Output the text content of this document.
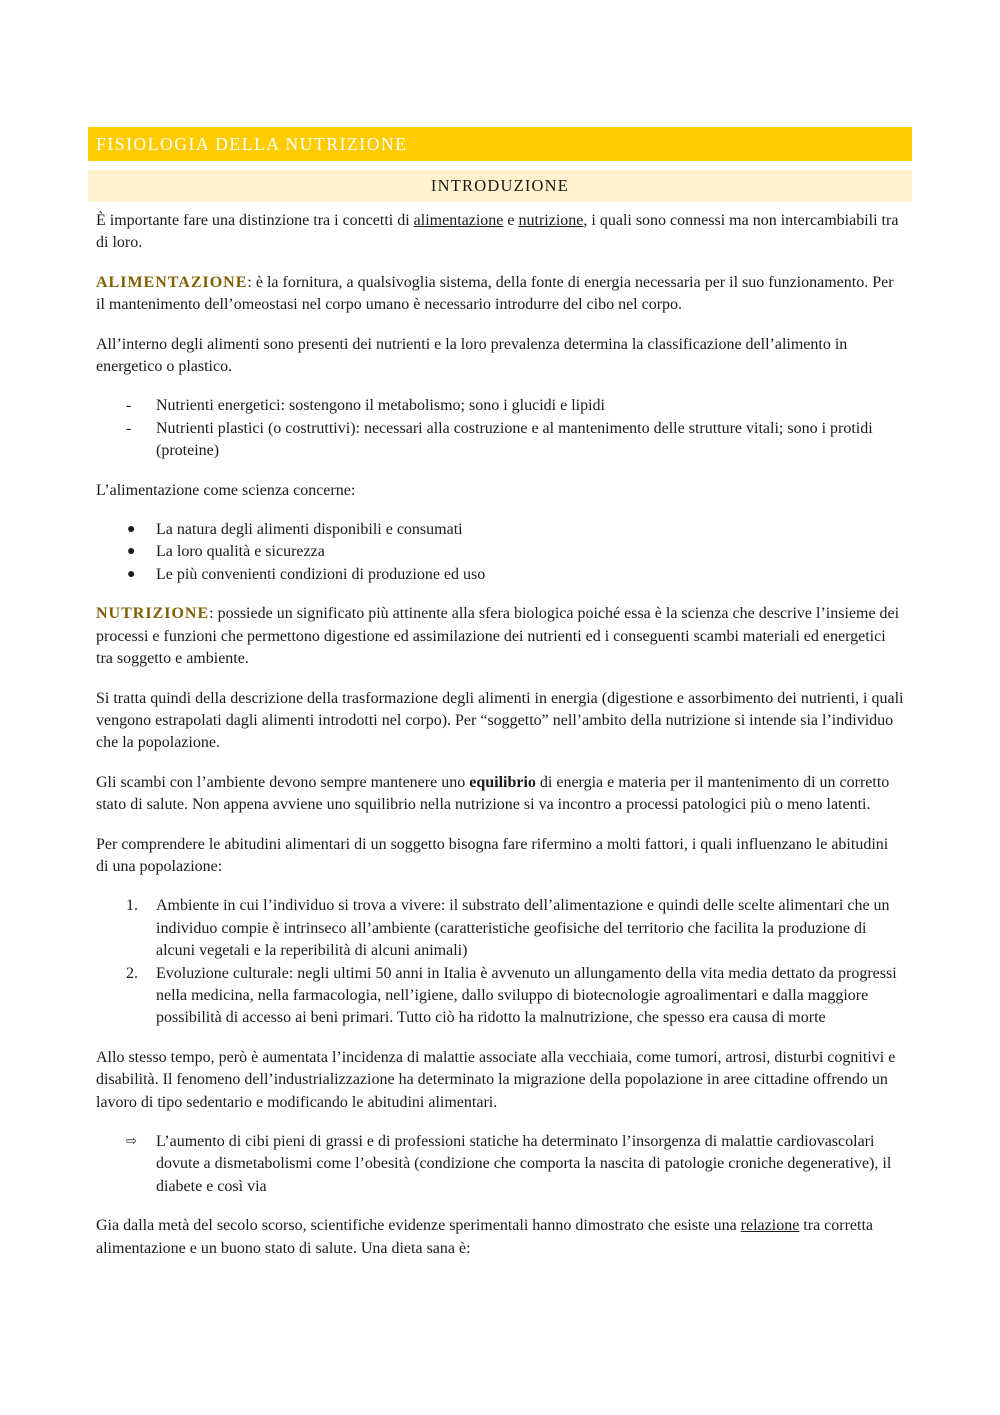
FISIOLOGIA DELLA NUTRIZIONE
INTRODUZIONE

È importante fare una distinzione tra i concetti di alimentazione e nutrizione, i quali sono connessi ma non intercambiabili tra di loro.

ALIMENTAZIONE: è la fornitura, a qualsivoglia sistema, della fonte di energia necessaria per il suo funzionamento. Per il mantenimento dell’omeostasi nel corpo umano è necessario introdurre del cibo nel corpo.

All’interno degli alimenti sono presenti dei nutrienti e la loro prevalenza determina la classificazione dell’alimento in energetico o plastico.

-	Nutrienti energetici: sostengono il metabolismo; sono i glucidi e lipidi
-	Nutrienti plastici (o costruttivi): necessari alla costruzione e al mantenimento delle strutture vitali; sono i protidi (proteine)

L’alimentazione come scienza concerne:

●	La natura degli alimenti disponibili e consumati
●	La loro qualità e sicurezza
●	Le più convenienti condizioni di produzione ed uso

NUTRIZIONE: possiede un significato più attinente alla sfera biologica poiché essa è la scienza che descrive l’insieme dei processi e funzioni che permettono digestione ed assimilazione dei nutrienti ed i conseguenti scambi materiali ed energetici tra soggetto e ambiente.

Si tratta quindi della descrizione della trasformazione degli alimenti in energia (digestione e assorbimento dei nutrienti, i quali vengono estrapolati dagli alimenti introdotti nel corpo). Per “soggetto” nell’ambito della nutrizione si intende sia l’individuo che la popolazione.

Gli scambi con l’ambiente devono sempre mantenere uno equilibrio di energia e materia per il mantenimento di un corretto stato di salute. Non appena avviene uno squilibrio nella nutrizione si va incontro a processi patologici più o meno latenti.

Per comprendere le abitudini alimentari di un soggetto bisogna fare rifermino a molti fattori, i quali influenzano le abitudini di una popolazione:

1.	Ambiente in cui l’individuo si trova a vivere: il substrato dell’alimentazione e quindi delle scelte alimentari che un individuo compie è intrinseco all’ambiente (caratteristiche geofisiche del territorio che facilita la produzione di alcuni vegetali e la reperibilità di alcuni animali)
2.	Evoluzione culturale: negli ultimi 50 anni in Italia è avvenuto un allungamento della vita media dettato da progressi nella medicina, nella farmacologia, nell’igiene, dallo sviluppo di biotecnologie agroalimentari e dalla maggiore possibilità di accesso ai beni primari. Tutto ciò ha ridotto la malnutrizione, che spesso era causa di morte

Allo stesso tempo, però è aumentata l’incidenza di malattie associate alla vecchiaia, come tumori, artrosi, disturbi cognitivi e disabilità. Il fenomeno dell’industrializzazione ha determinato la migrazione della popolazione in aree cittadine offrendo un lavoro di tipo sedentario e modificando le abitudini alimentari.

⇨	L’aumento di cibi pieni di grassi e di professioni statiche ha determinato l’insorgenza di malattie cardiovascolari dovute a dismetabolismi come l’obesità (condizione che comporta la nascita di patologie croniche degenerative), il diabete e così via

Gia dalla metà del secolo scorso, scientifiche evidenze sperimentali hanno dimostrato che esiste una relazione tra corretta alimentazione e un buono stato di salute. Una dieta sana è:
